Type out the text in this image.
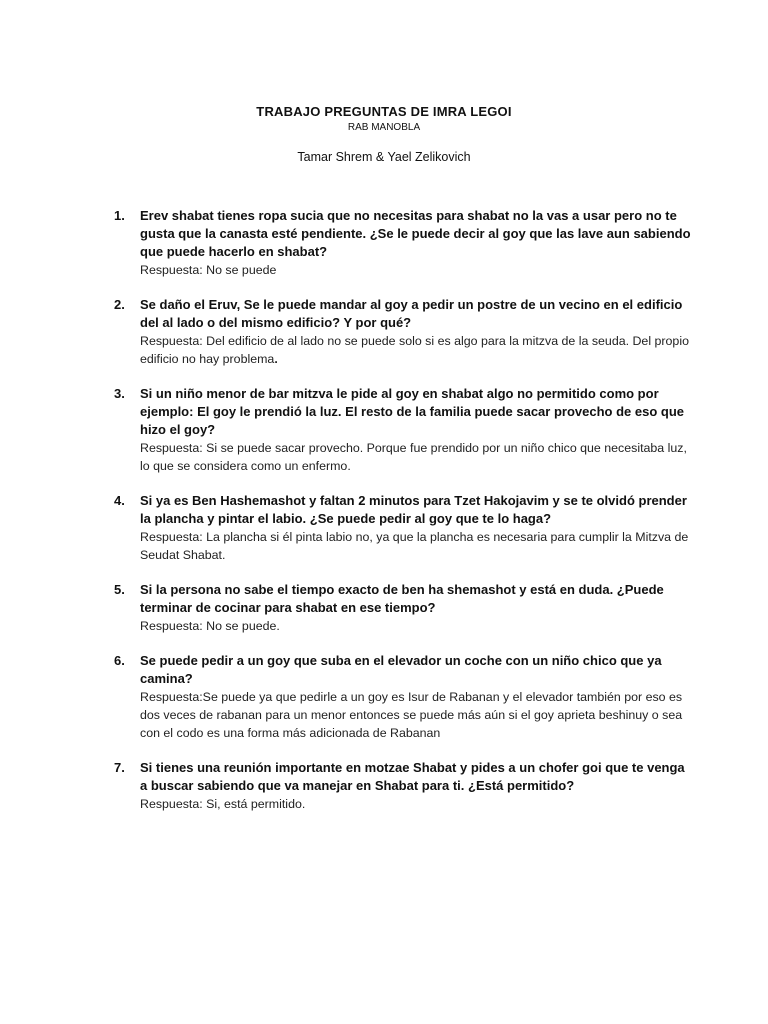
TRABAJO PREGUNTAS DE IMRA LEGOI
RAB MANOBLA
Tamar Shrem & Yael Zelikovich
1. Erev shabat tienes ropa sucia que no necesitas para shabat no la vas a usar pero no te gusta que la canasta esté pendiente. ¿Se le puede decir al goy que las lave aun sabiendo que puede hacerlo en shabat?
Respuesta: No se puede
2. Se daño el Eruv, Se le puede mandar al goy a pedir un postre de un vecino en el edificio del al lado o del mismo edificio? Y por qué?
Respuesta: Del edificio de al lado no se puede solo si es algo para la mitzva de la seuda. Del propio edificio no hay problema.
3. Si un niño menor de bar mitzva le pide al goy en shabat algo no permitido como por ejemplo: El goy le prendió la luz. El resto de la familia puede sacar provecho de eso que hizo el goy?
Respuesta: Si se puede sacar provecho. Porque fue prendido por un niño chico que necesitaba luz, lo que se considera como un enfermo.
4. Si ya es Ben Hashemashot y faltan 2 minutos para Tzet Hakojavim y se te olvidó prender la plancha y pintar el labio. ¿Se puede pedir al goy que te lo haga?
Respuesta: La plancha si él pinta labio no, ya que la plancha es necesaria para cumplir la Mitzva de Seudat Shabat.
5. Si la persona no sabe el tiempo exacto de ben ha shemashot y está en duda. ¿Puede terminar de cocinar para shabat en ese tiempo?
Respuesta: No se puede.
6. Se puede pedir a un goy que suba en el elevador un coche con un niño chico que ya camina?
Respuesta:Se puede ya que pedirle a un goy es Isur de Rabanan y el elevador también por eso es dos veces de rabanan para un menor entonces se puede más aún si el goy aprieta beshinuy o sea con el codo es una forma más adicionada de Rabanan
7. Si tienes una reunión importante en motzae Shabat y pides a un chofer goi que te venga a buscar sabiendo que va manejar en Shabat para ti. ¿Está permitido?
Respuesta: Si, está permitido.
